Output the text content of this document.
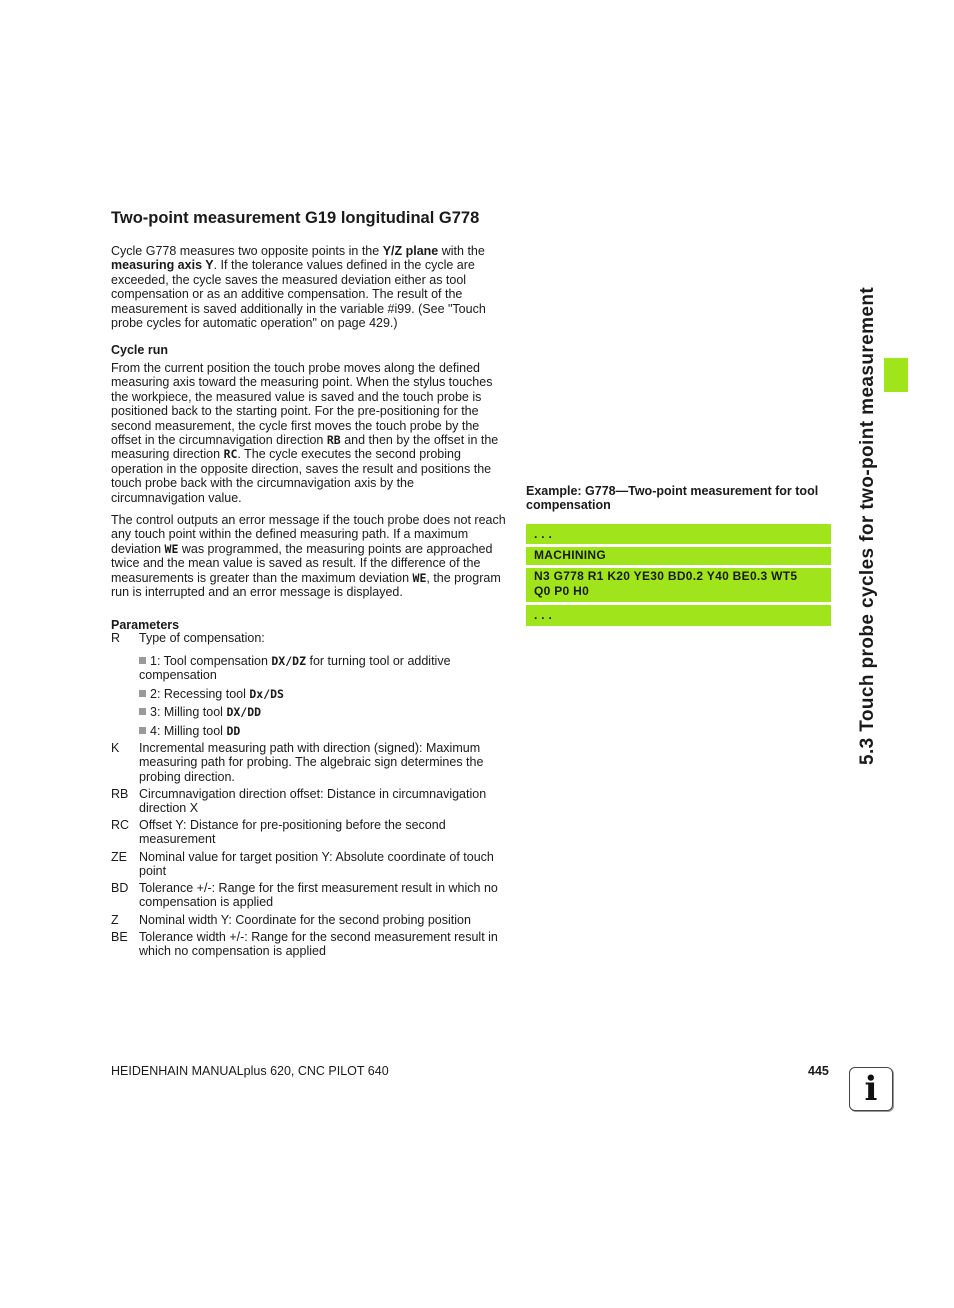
5.3 Touch probe cycles for two-point measurement
Two-point measurement G19 longitudinal G778
Cycle G778 measures two opposite points in the Y/Z plane with the measuring axis Y. If the tolerance values defined in the cycle are exceeded, the cycle saves the measured deviation either as tool compensation or as an additive compensation. The result of the measurement is saved additionally in the variable #i99. (See "Touch probe cycles for automatic operation" on page 429.)
Cycle run
From the current position the touch probe moves along the defined measuring axis toward the measuring point. When the stylus touches the workpiece, the measured value is saved and the touch probe is positioned back to the starting point. For the pre-positioning for the second measurement, the cycle first moves the touch probe by the offset in the circumnavigation direction RB and then by the offset in the measuring direction RC. The cycle executes the second probing operation in the opposite direction, saves the result and positions the touch probe back with the circumnavigation axis by the circumnavigation value.
The control outputs an error message if the touch probe does not reach any touch point within the defined measuring path. If a maximum deviation WE was programmed, the measuring points are approached twice and the mean value is saved as result. If the difference of the measurements is greater than the maximum deviation WE, the program run is interrupted and an error message is displayed.
Parameters
R Type of compensation:
1: Tool compensation DX/DZ for turning tool or additive compensation
2: Recessing tool Dx/DS
3: Milling tool DX/DD
4: Milling tool DD
K Incremental measuring path with direction (signed): Maximum measuring path for probing. The algebraic sign determines the probing direction.
RB Circumnavigation direction offset: Distance in circumnavigation direction X
RC Offset Y: Distance for pre-positioning before the second measurement
ZE Nominal value for target position Y: Absolute coordinate of touch point
BD Tolerance +/-: Range for the first measurement result in which no compensation is applied
Z Nominal width Y: Coordinate for the second probing position
BE Tolerance width +/-: Range for the second measurement result in which no compensation is applied
Example: G778—Two-point measurement for tool compensation
. . .
MACHINING
N3 G778 R1 K20 YE30 BD0.2 Y40 BE0.3 WT5
Q0 P0 H0
. . .
HEIDENHAIN MANUALplus 620, CNC PILOT 640	445	i
